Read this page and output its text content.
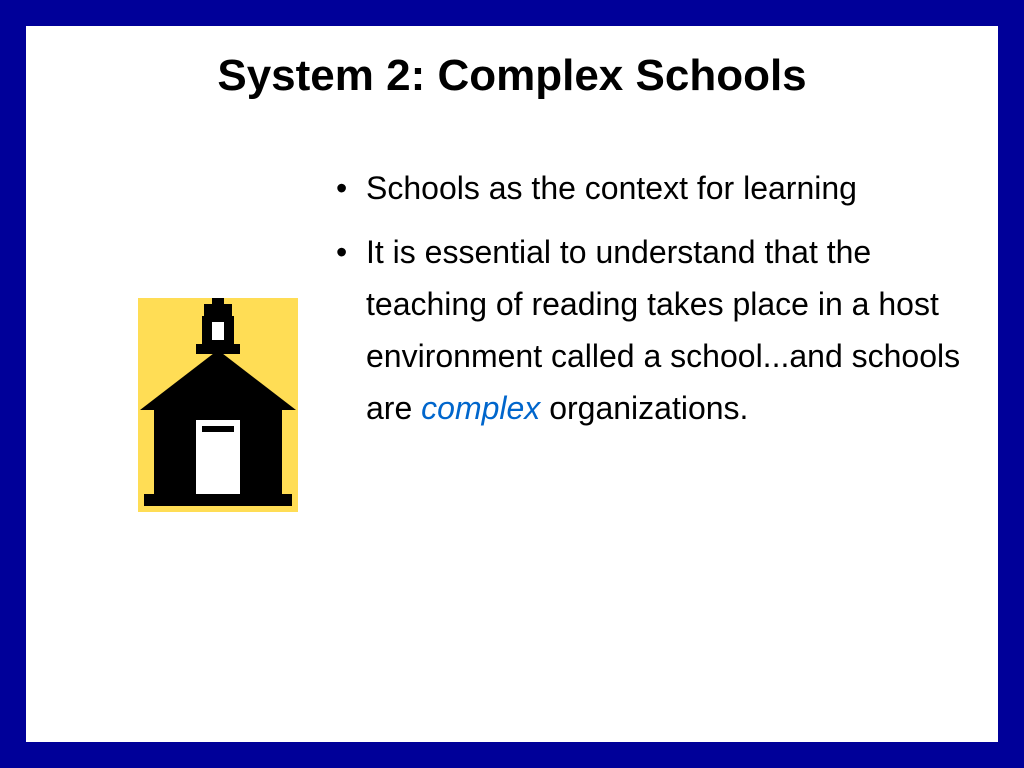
System 2: Complex Schools
• Schools as the context for learning
• It is essential to understand that the teaching of reading takes place in a host environment called a school...and schools are complex organizations.
